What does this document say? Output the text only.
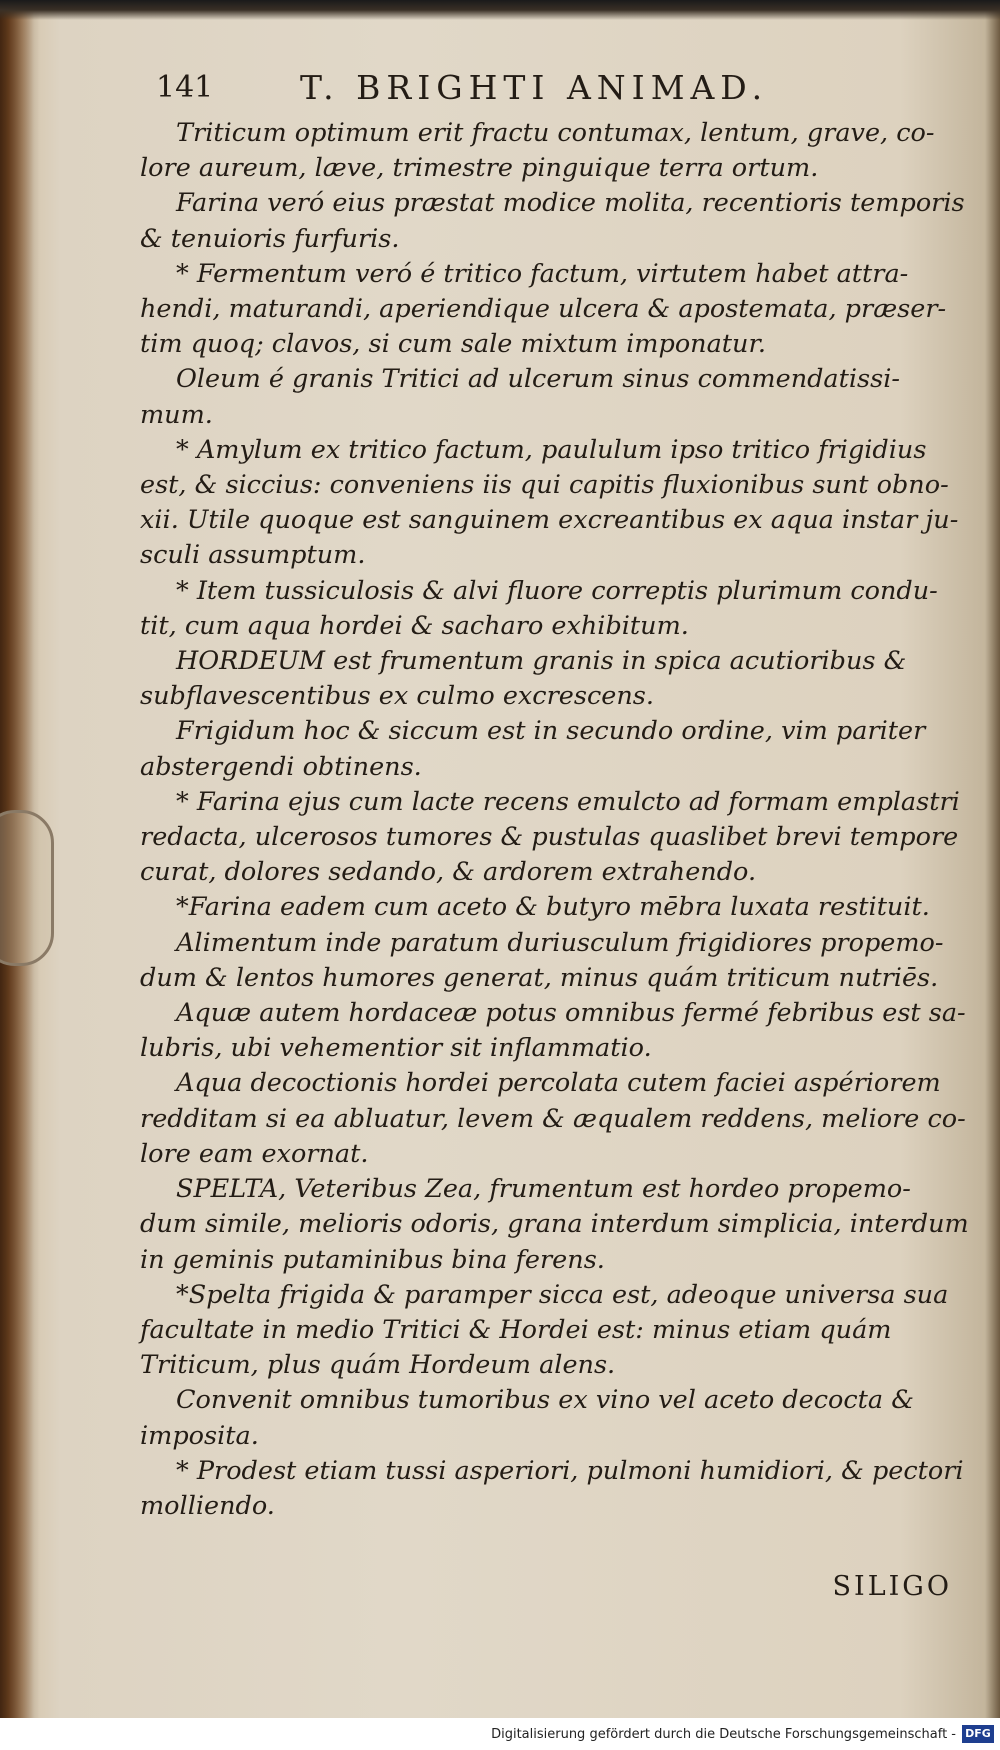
141	T. BRIGHTI ANIMAD.
Triticum optimum erit fractu contumax, lentum, grave, co-
lore aureum, læve, trimestre pinguique terra ortum.
Farina veró eius præstat modice molita, recentioris temporis
& tenuioris furfuris.
* Fermentum veró é tritico factum, virtutem habet attra-
hendi, maturandi, aperiendique ulcera & apostemata, præser-
tim quoq; clavos, si cum sale mixtum imponatur.
Oleum é granis Tritici ad ulcerum sinus commendatissi-
mum.
* Amylum ex tritico factum, paululum ipso tritico frigidius
est, & siccius: conveniens iis qui capitis fluxionibus sunt obno-
xii. Utile quoque est sanguinem excreantibus ex aqua instar ju-
sculi assumptum.
* Item tussiculosis & alvi fluore correptis plurimum condu-
tit, cum aqua hordei & sacharo exhibitum.
HORDEUM est frumentum granis in spica acutioribus &
subflavescentibus ex culmo excrescens.
Frigidum hoc & siccum est in secundo ordine, vim pariter
abstergendi obtinens.
* Farina ejus cum lacte recens emulcto ad formam emplastri
redacta, ulcerosos tumores & pustulas quaslibet brevi tempore
curat, dolores sedando, & ardorem extrahendo.
*Farina eadem cum aceto & butyro mēbra luxata restituit.
Alimentum inde paratum duriusculum frigidiores propemo-
dum & lentos humores generat, minus quám triticum nutriēs.
Aquæ autem hordaceæ potus omnibus fermé febribus est sa-
lubris, ubi vehementior sit inflammatio.
Aqua decoctionis hordei percolata cutem faciei aspériorem
redditam si ea abluatur, levem & æqualem reddens, meliore co-
lore eam exornat.
SPELTA, Veteribus Zea, frumentum est hordeo propemo-
dum simile, melioris odoris, grana interdum simplicia, interdum
in geminis putaminibus bina ferens.
*Spelta frigida & paramper sicca est, adeoque universa sua
facultate in medio Tritici & Hordei est: minus etiam quám
Triticum, plus quám Hordeum alens.
Convenit omnibus tumoribus ex vino vel aceto decocta &
imposita.
* Prodest etiam tussi asperiori, pulmoni humidiori, & pectori
molliendo.
SILIGO
Digitalisierung gefördert durch die Deutsche Forschungsgemeinschaft - DFG
